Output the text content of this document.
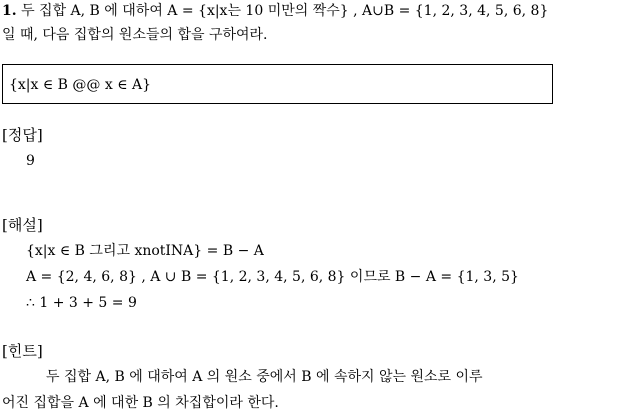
1. 두 집합 A, B 에 대하여 A = {x|x는 10 미만의 짝수} , A∪B = {1, 2, 3, 4, 5, 6, 8}
일 때, 다음 집합의 원소들의 합을 구하여라.
{x|x ∈ B @@ x ∈ A}
[정답]
9
[해설]
{x|x ∈ B 그리고 xnotINA} = B − A
A = {2, 4, 6, 8} , A ∪ B = {1, 2, 3, 4, 5, 6, 8} 이므로 B − A = {1, 3, 5}
∴ 1 + 3 + 5 = 9
[힌트]
두 집합 A, B 에 대하여 A 의 원소 중에서 B 에 속하지 않는 원소로 이루
어진 집합을 A 에 대한 B 의 차집합이라 한다.
